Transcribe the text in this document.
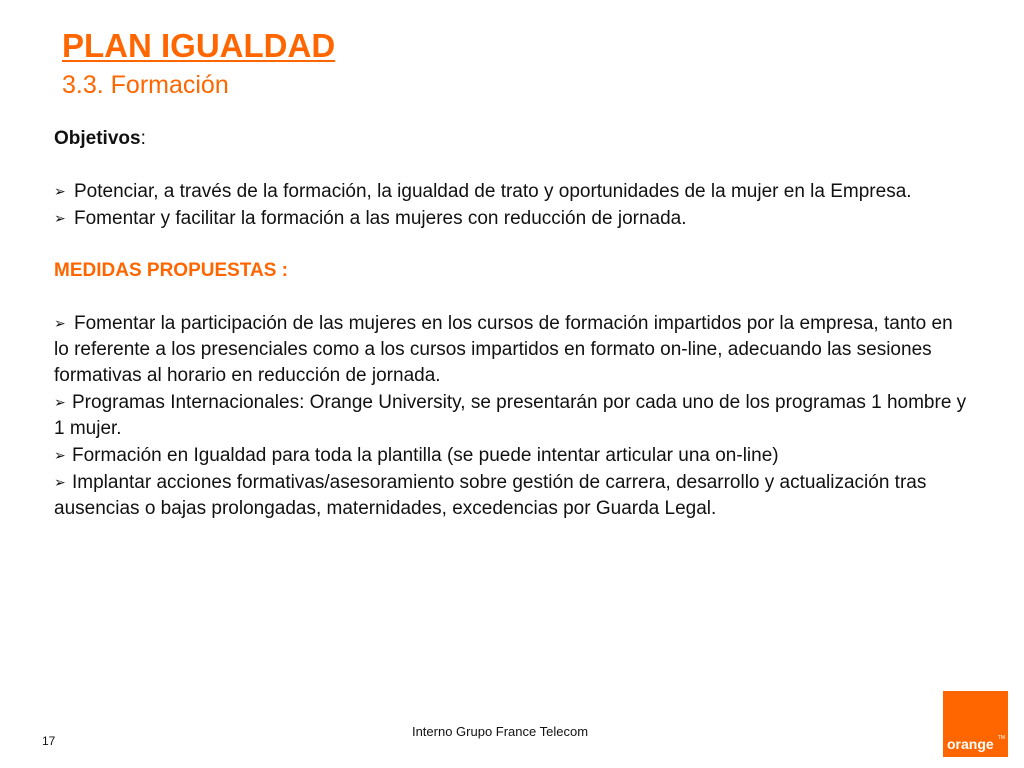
PLAN IGUALDAD
3.3. Formación

Objetivos:

➢ Potenciar, a través de la formación, la igualdad de trato y oportunidades de la mujer en la Empresa.

➢ Fomentar y facilitar la formación a las mujeres con reducción de jornada.

MEDIDAS PROPUESTAS :

➢ Fomentar la participación de las mujeres en los cursos de formación impartidos por la empresa, tanto en lo referente a los presenciales como a los cursos impartidos en formato on-line, adecuando las sesiones formativas al horario en reducción de jornada.

➢ Programas Internacionales: Orange University, se presentarán por cada uno de los programas 1 hombre y 1 mujer.

➢ Formación en Igualdad para toda la plantilla (se puede intentar articular una on-line)

➢ Implantar acciones formativas/asesoramiento sobre gestión de carrera, desarrollo y actualización tras ausencias o bajas prolongadas, maternidades, excedencias por Guarda Legal.

17
Interno Grupo France Telecom	TM
orange
